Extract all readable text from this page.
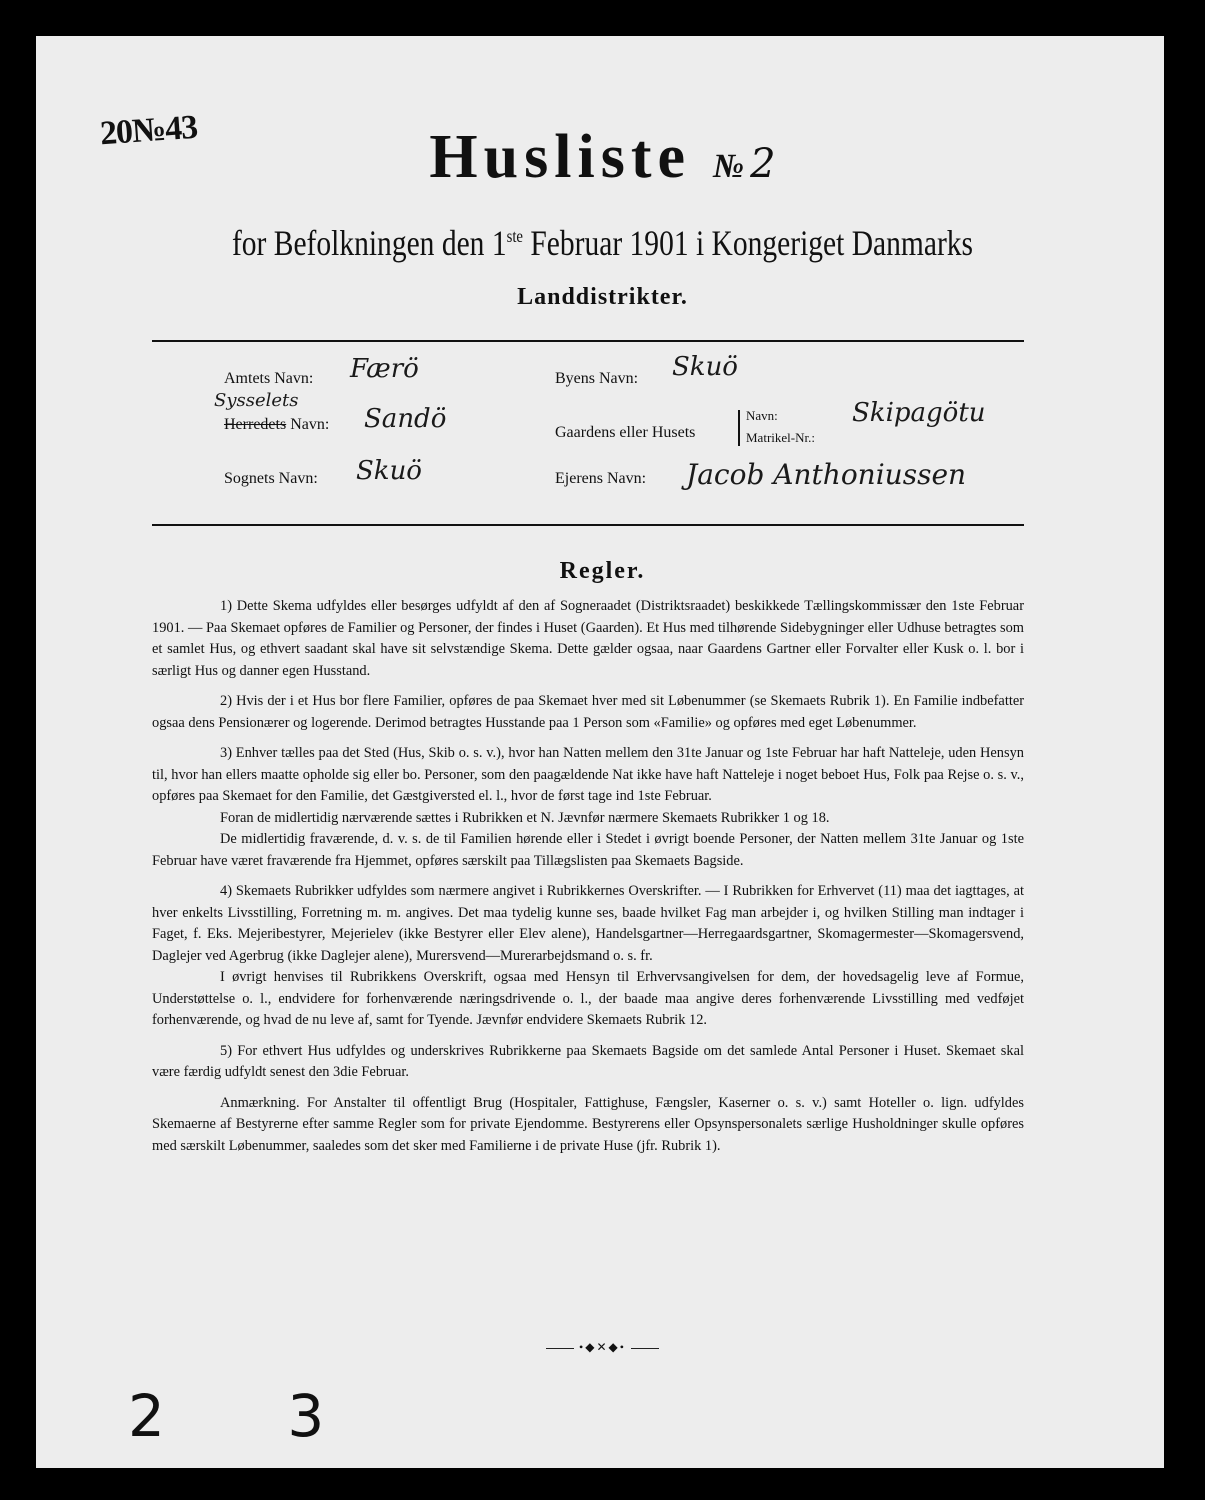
20№43	Husliste № 2
for Befolkningen den 1ste Februar 1901 i Kongeriget Danmarks
Landdistrikter.
Amtets Navn: Færö
Sysselets
Herredets Navn: Sandö
Sognets Navn: Skuö
Byens Navn: Skuö
Gaardens eller Husets
Navn:
Matrikel-Nr.:
Skipagötu
Ejerens Navn: Jacob Anthoniussen
Regler.

1) Dette Skema udfyldes eller besørges udfyldt af den af Sogneraadet (Distriktsraadet) beskikkede Tællingskommissær den 1ste Februar 1901. — Paa Skemaet opføres de Familier og Personer, der findes i Huset (Gaarden). Et Hus med tilhørende Sidebygninger eller Udhuse betragtes som et samlet Hus, og ethvert saadant skal have sit selvstændige Skema. Dette gælder ogsaa, naar Gaardens Gartner eller Forvalter eller Kusk o. l. bor i særligt Hus og danner egen Husstand.

2) Hvis der i et Hus bor flere Familier, opføres de paa Skemaet hver med sit Løbenummer (se Skemaets Rubrik 1). En Familie indbefatter ogsaa dens Pensionærer og logerende. Derimod betragtes Husstande paa 1 Person som «Familie» og opføres med eget Løbenummer.

3) Enhver tælles paa det Sted (Hus, Skib o. s. v.), hvor han Natten mellem den 31te Januar og 1ste Februar har haft Natteleje, uden Hensyn til, hvor han ellers maatte opholde sig eller bo. Personer, som den paagældende Nat ikke have haft Natteleje i noget beboet Hus, Folk paa Rejse o. s. v., opføres paa Skemaet for den Familie, det Gæstgiversted el. l., hvor de først tage ind 1ste Februar.

Foran de midlertidig nærværende sættes i Rubrikken et N. Jævnfør nærmere Skemaets Rubrikker 1 og 18.

De midlertidig fraværende, d. v. s. de til Familien hørende eller i Stedet i øvrigt boende Personer, der Natten mellem 31te Januar og 1ste Februar have været fraværende fra Hjemmet, opføres særskilt paa Tillægslisten paa Skemaets Bagside.

4) Skemaets Rubrikker udfyldes som nærmere angivet i Rubrikkernes Overskrifter. — I Rubrikken for Erhvervet (11) maa det iagttages, at hver enkelts Livsstilling, Forretning m. m. angives. Det maa tydelig kunne ses, baade hvilket Fag man arbejder i, og hvilken Stilling man indtager i Faget, f. Eks. Mejeribestyrer, Mejerielev (ikke Bestyrer eller Elev alene), Handelsgartner—Herregaardsgartner, Skomagermester—Skomagersvend, Daglejer ved Agerbrug (ikke Daglejer alene), Murersvend—Murerarbejdsmand o. s. fr.

I øvrigt henvises til Rubrikkens Overskrift, ogsaa med Hensyn til Erhvervsangivelsen for dem, der hovedsagelig leve af Formue, Understøttelse o. l., endvidere for forhenværende næringsdrivende o. l., der baade maa angive deres forhenværende Livsstilling med vedføjet forhenværende, og hvad de nu leve af, samt for Tyende. Jævnfør endvidere Skemaets Rubrik 12.

5) For ethvert Hus udfyldes og underskrives Rubrikkerne paa Skemaets Bagside om det samlede Antal Personer i Huset. Skemaet skal være færdig udfyldt senest den 3die Februar.

Anmærkning. For Anstalter til offentligt Brug (Hospitaler, Fattighuse, Fængsler, Kaserner o. s. v.) samt Hoteller o. lign. udfyldes Skemaerne af Bestyrerne efter samme Regler som for private Ejendomme. Bestyrerens eller Opsynspersonalets særlige Husholdninger skulle opføres med særskilt Løbenummer, saaledes som det sker med Familierne i de private Huse (jfr. Rubrik 1).

•◆✕◆•
2 3
